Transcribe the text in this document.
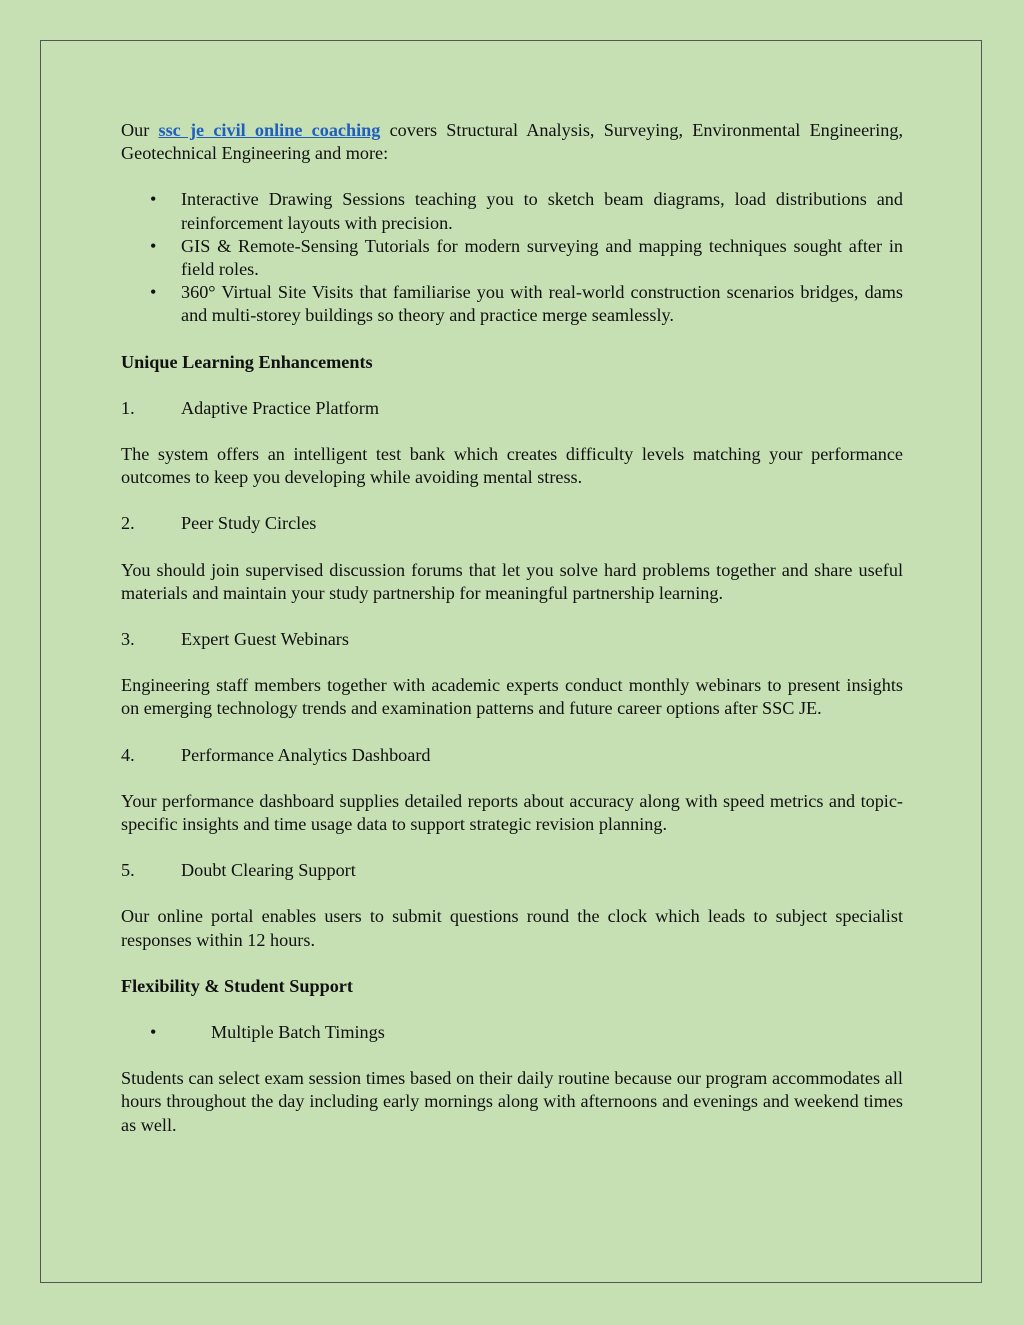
Our ssc je civil online coaching covers Structural Analysis, Surveying, Environmental Engineering, Geotechnical Engineering and more:

• Interactive Drawing Sessions teaching you to sketch beam diagrams, load distributions and reinforcement layouts with precision.
• GIS & Remote-Sensing Tutorials for modern surveying and mapping techniques sought after in field roles.
• 360° Virtual Site Visits that familiarise you with real-world construction scenarios bridges, dams and multi-storey buildings so theory and practice merge seamlessly.
Unique Learning Enhancements
1.	Adaptive Practice Platform

The system offers an intelligent test bank which creates difficulty levels matching your performance outcomes to keep you developing while avoiding mental stress.

2.	Peer Study Circles

You should join supervised discussion forums that let you solve hard problems together and share useful materials and maintain your study partnership for meaningful partnership learning.

3.	Expert Guest Webinars

Engineering staff members together with academic experts conduct monthly webinars to present insights on emerging technology trends and examination patterns and future career options after SSC JE.

4.	Performance Analytics Dashboard

Your performance dashboard supplies detailed reports about accuracy along with speed metrics and topic-specific insights and time usage data to support strategic revision planning.

5.	Doubt Clearing Support

Our online portal enables users to submit questions round the clock which leads to subject specialist responses within 12 hours.

Flexibility & Student Support
•	Multiple Batch Timings

Students can select exam session times based on their daily routine because our program accommodates all hours throughout the day including early mornings along with afternoons and evenings and weekend times as well.
